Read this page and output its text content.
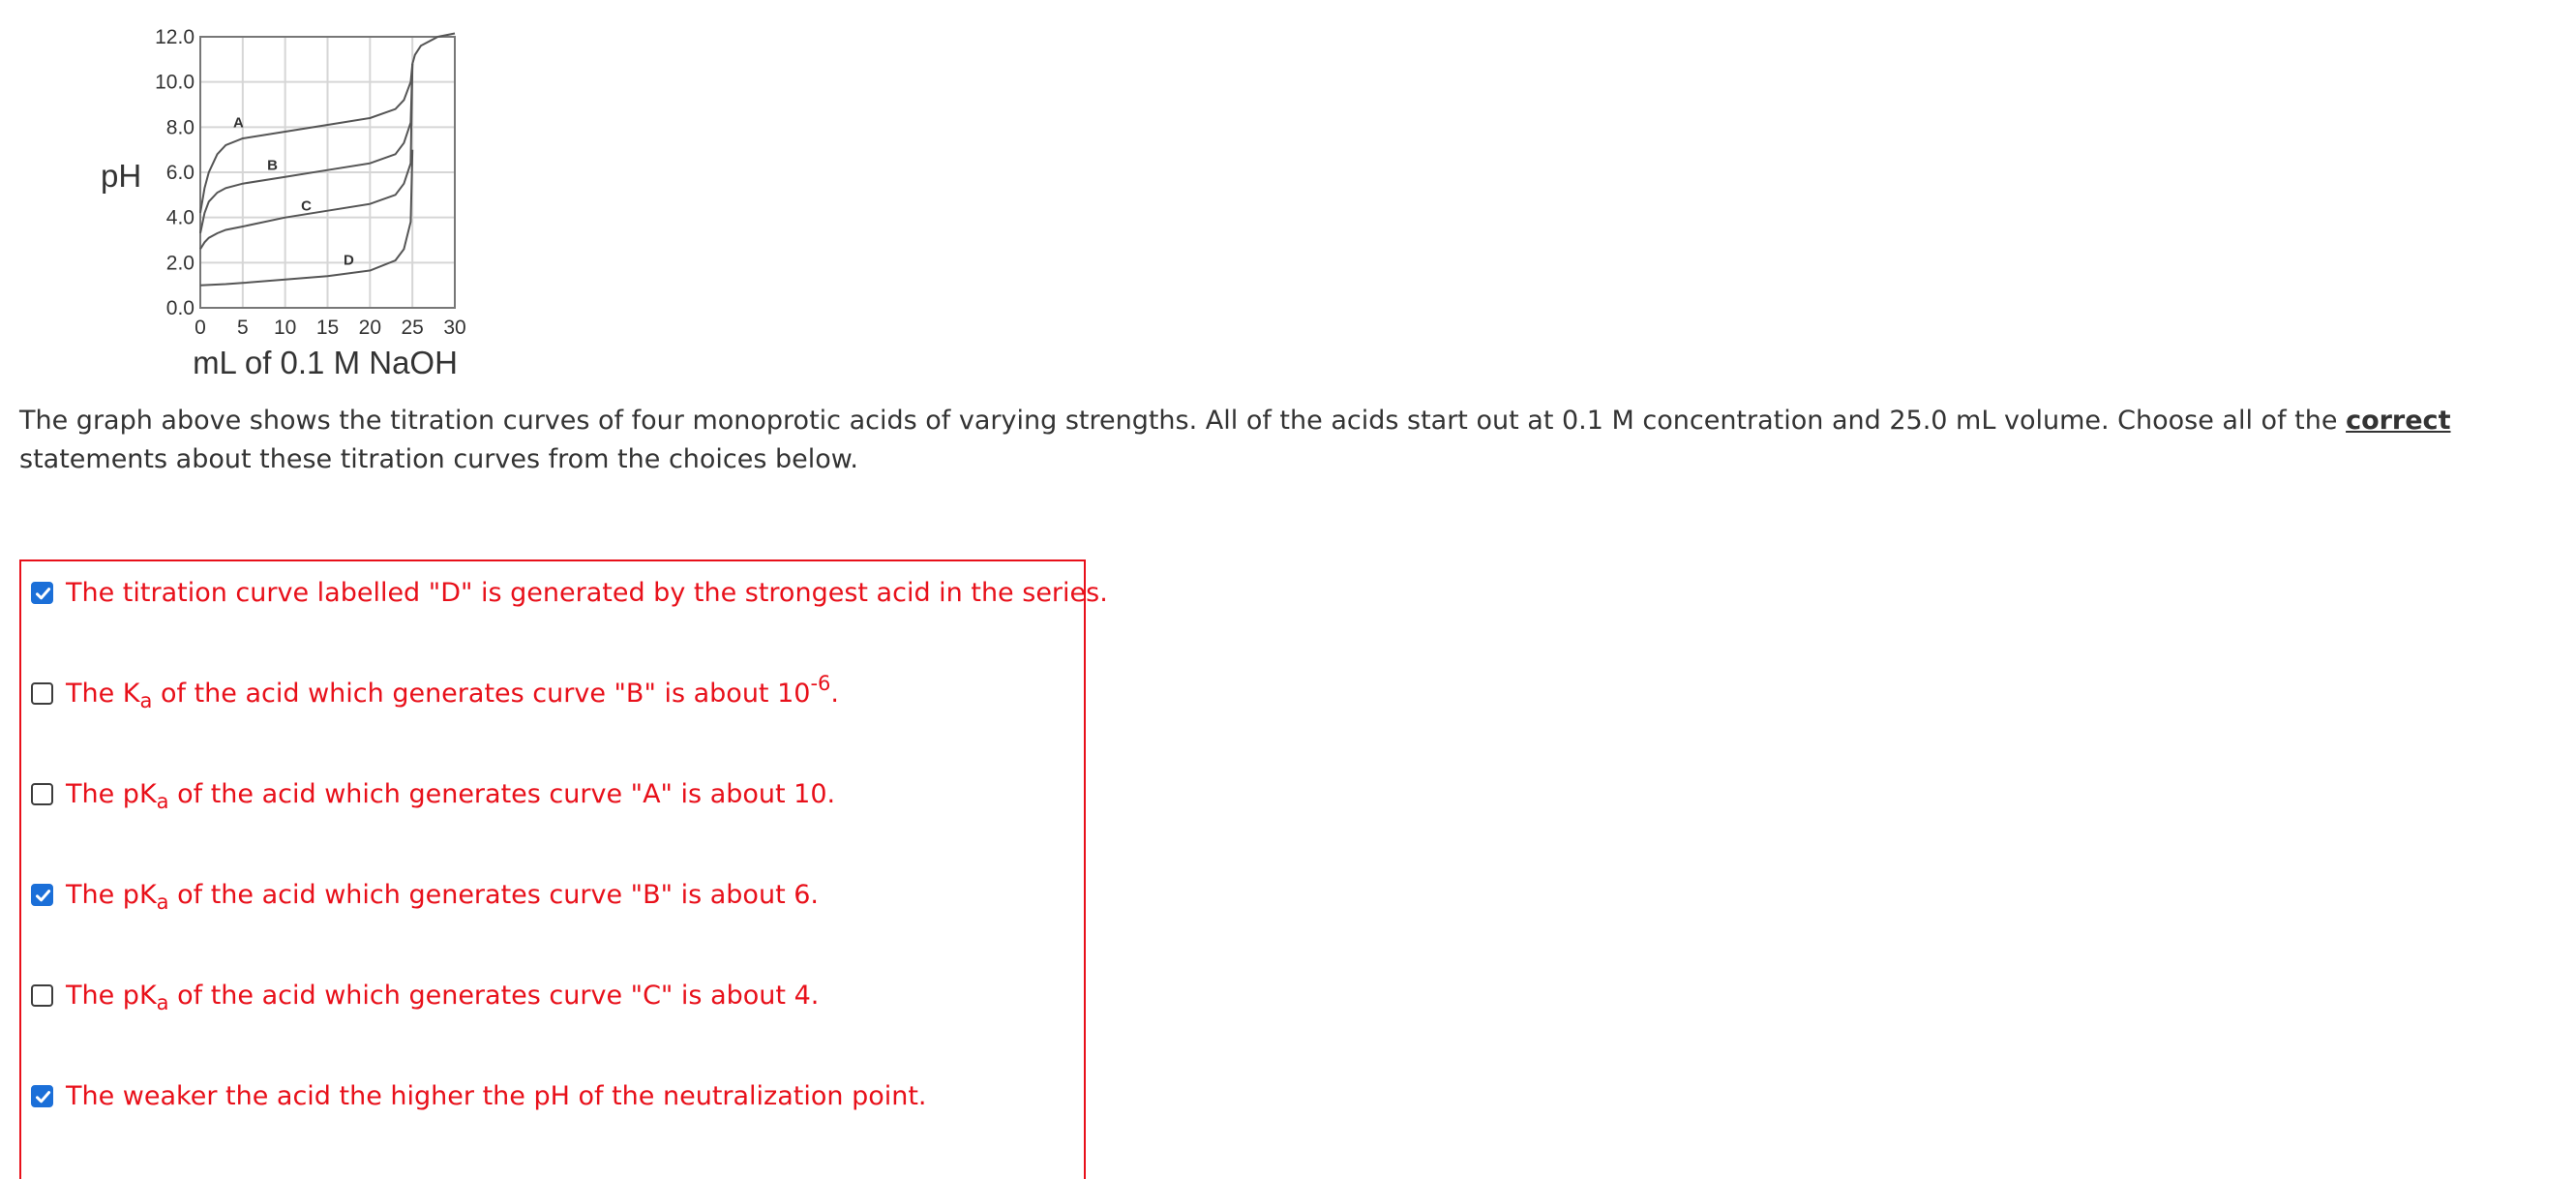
12.0
10.0
8.0
6.0
4.0
2.0
0.0
0 5 10 15 20 25 30
pH
mL of 0.1 M NaOH
A
B
C
D
The graph above shows the titration curves of four monoprotic acids of varying strengths. All of the acids start out at 0.1 M concentration and 25.0 mL volume. Choose all of the correct statements about these titration curves from the choices below.
The titration curve labelled "D" is generated by the strongest acid in the series.
The $K_a$ of the acid which generates curve "B" is about $10^{-6}$.
The $pK_a$ of the acid which generates curve "A" is about 10.
The $pK_a$ of the acid which generates curve "B" is about 6.
The $pK_a$ of the acid which generates curve "C" is about 4.
The weaker the acid the higher the pH of the neutralization point.
